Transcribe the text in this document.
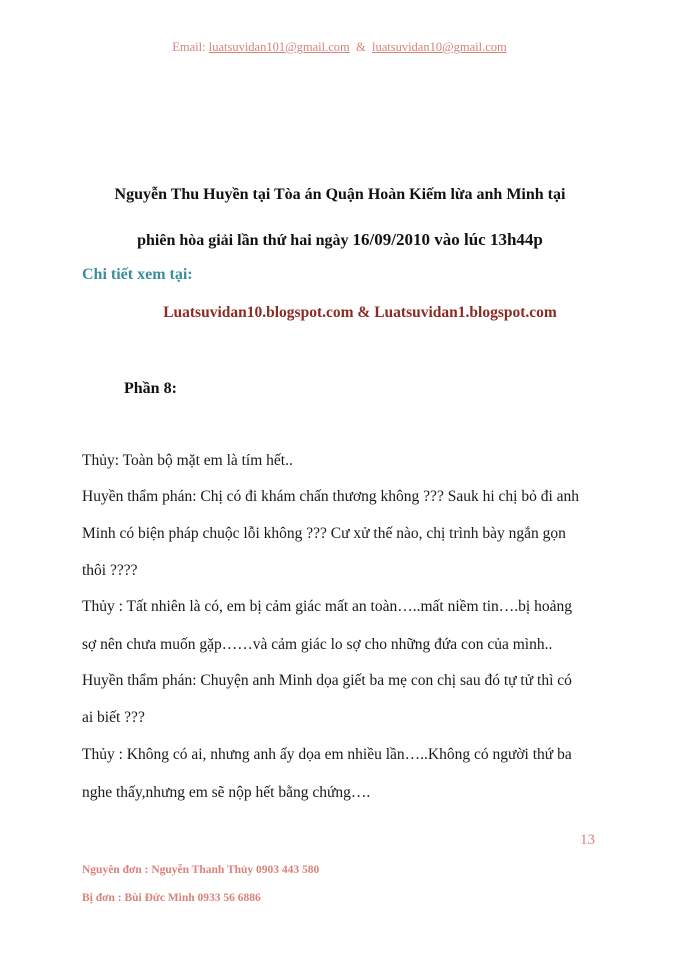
Email: luatsuvidan101@gmail.com & luatsuvidan10@gmail.com
Nguyễn Thu Huyền tại Tòa án Quận Hoàn Kiếm lừa anh Minh tại
phiên hòa giải lần thứ hai ngày 16/09/2010 vào lúc 13h44p
Chi tiết xem tại:
Luatsuvidan10.blogspot.com & Luatsuvidan1.blogspot.com
Phần 8:
Thủy: Toàn bộ mặt em là tím hết..
Huyền thẩm phán: Chị có đi khám chấn thương không ??? Sauk hi chị bỏ đi anh
Minh có biện pháp chuộc lỗi không ??? Cư xử thế nào, chị trình bày ngắn gọn
thôi ????
Thủy : Tất nhiên là có, em bị cảm giác mất an toàn…..mất niềm tin….bị hoảng
sợ nên chưa muốn gặp……và cảm giác lo sợ cho những đứa con của mình..
Huyền thẩm phán: Chuyện anh Minh dọa giết ba mẹ con chị sau đó tự tử thì có
ai biết ???
Thủy : Không có ai, nhưng anh ấy dọa em nhiều lần…..Không có người thứ ba
nghe thấy,nhưng em sẽ nộp hết bằng chứng….
13
Nguyên đơn : Nguyễn Thanh Thủy 0903 443 580
Bị đơn : Bùi Đức Minh 0933 56 6886
